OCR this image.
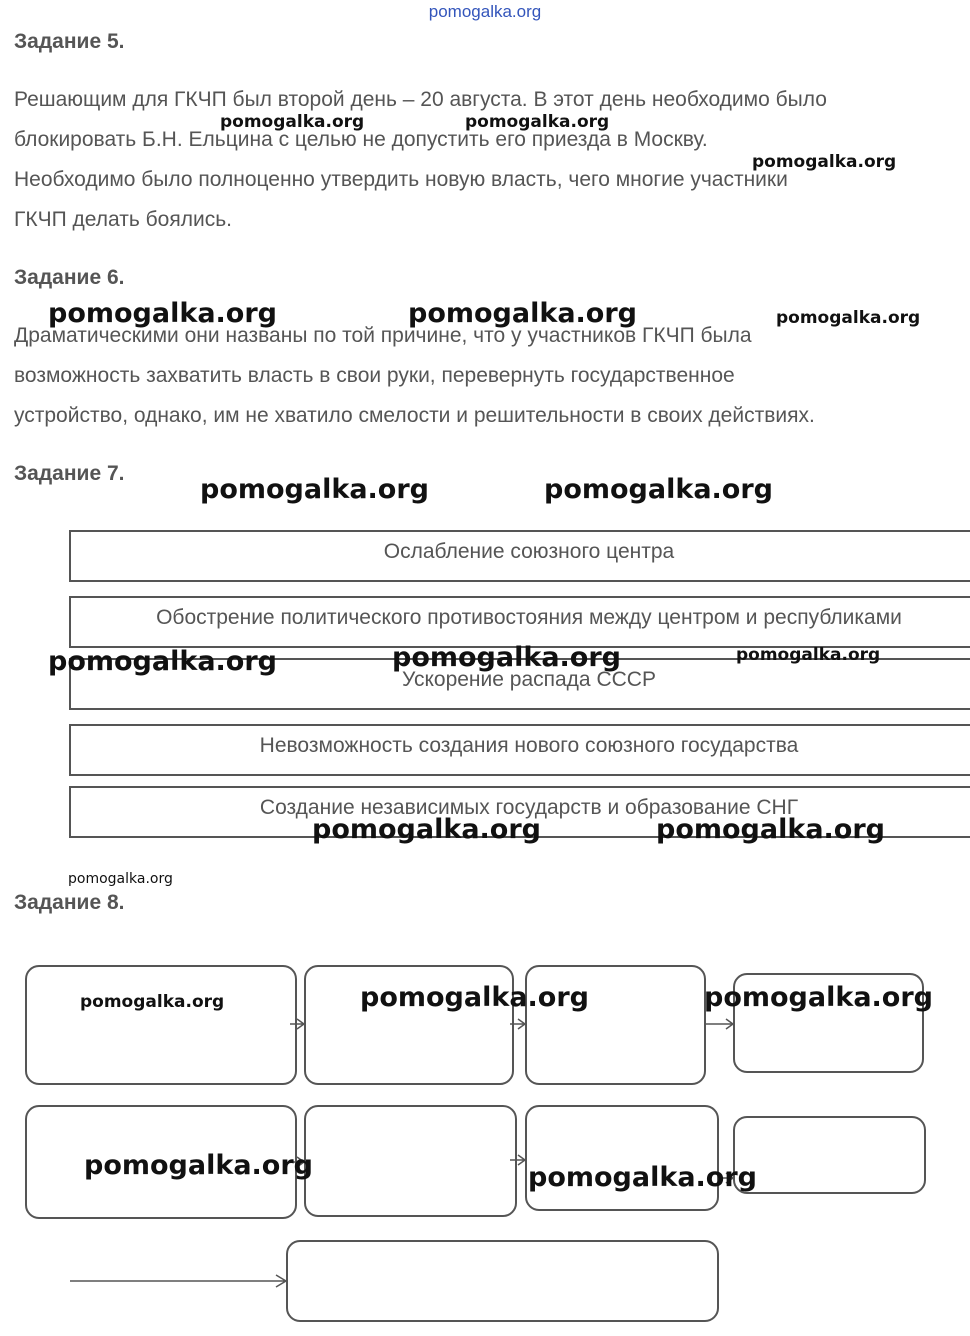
pomogalka.org
Задание 5.
Решающим для ГКЧП был второй день – 20 августа. В этот день необходимо было
блокировать Б.Н. Ельцина с целью не допустить его приезда в Москву.
Необходимо было полноценно утвердить новую власть, чего многие участники
ГКЧП делать боялись.
Задание 6.
Драматическими они названы по той причине, что у участников ГКЧП была
возможность захватить власть в свои руки, перевернуть государственное
устройство, однако, им не хватило смелости и решительности в своих действиях.
Задание 7.
Ослабление союзного центра
Обострение политического противостояния между центром и республиками
Ускорение распада СССР
Невозможность создания нового союзного государства
Создание независимых государств и образование СНГ
Задание 8.
pomogalka.org	pomogalka.org
pomogalka.org
pomogalka.org	pomogalka.org	pomogalka.org
pomogalka.org	pomogalka.org
pomogalka.org	pomogalka.org	pomogalka.org
pomogalka.org	pomogalka.org
pomogalka.org
pomogalka.org	pomogalka.org	pomogalka.org
pomogalka.org	pomogalka.org
